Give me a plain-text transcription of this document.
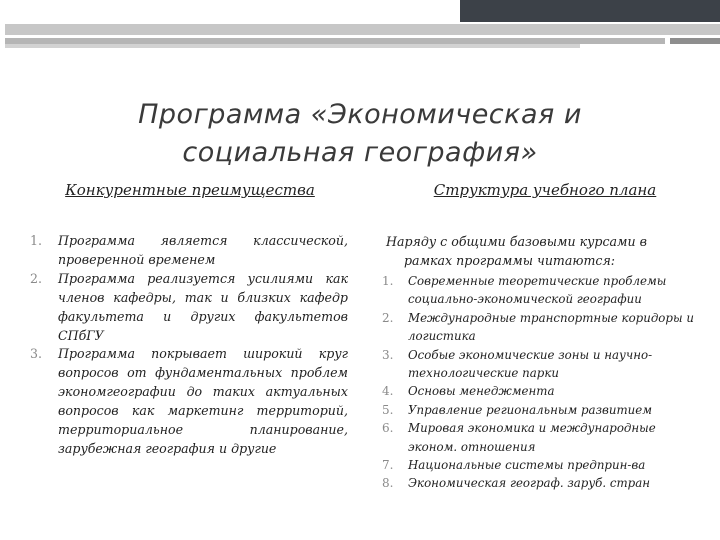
Программа «Экономическая и
социальная география»
Конкурентные преимущества	Структура учебного плана
1. Программа является классической, проверенной временем
2. Программа реализуется усилиями как членов кафедры, так и близких кафедр факультета и других факультетов СПбГУ
3. Программа покрывает широкий круг вопросов от фундаментальных проблем экономгеографии до таких актуальных вопросов как маркетинг территорий, территориальное планирование, зарубежная география и другие
Наряду с общими базовыми курсами в
рамках программы читаются:
1. Современные теоретические проблемы социально-экономической географии
2. Международные транспортные коридоры и логистика
3. Особые экономические зоны и научно-технологические парки
4. Основы менеджмента
5. Управление региональным развитием
6. Мировая экономика и международные эконом. отношения
7. Национальные системы предприн-ва
8. Экономическая географ. заруб. стран
